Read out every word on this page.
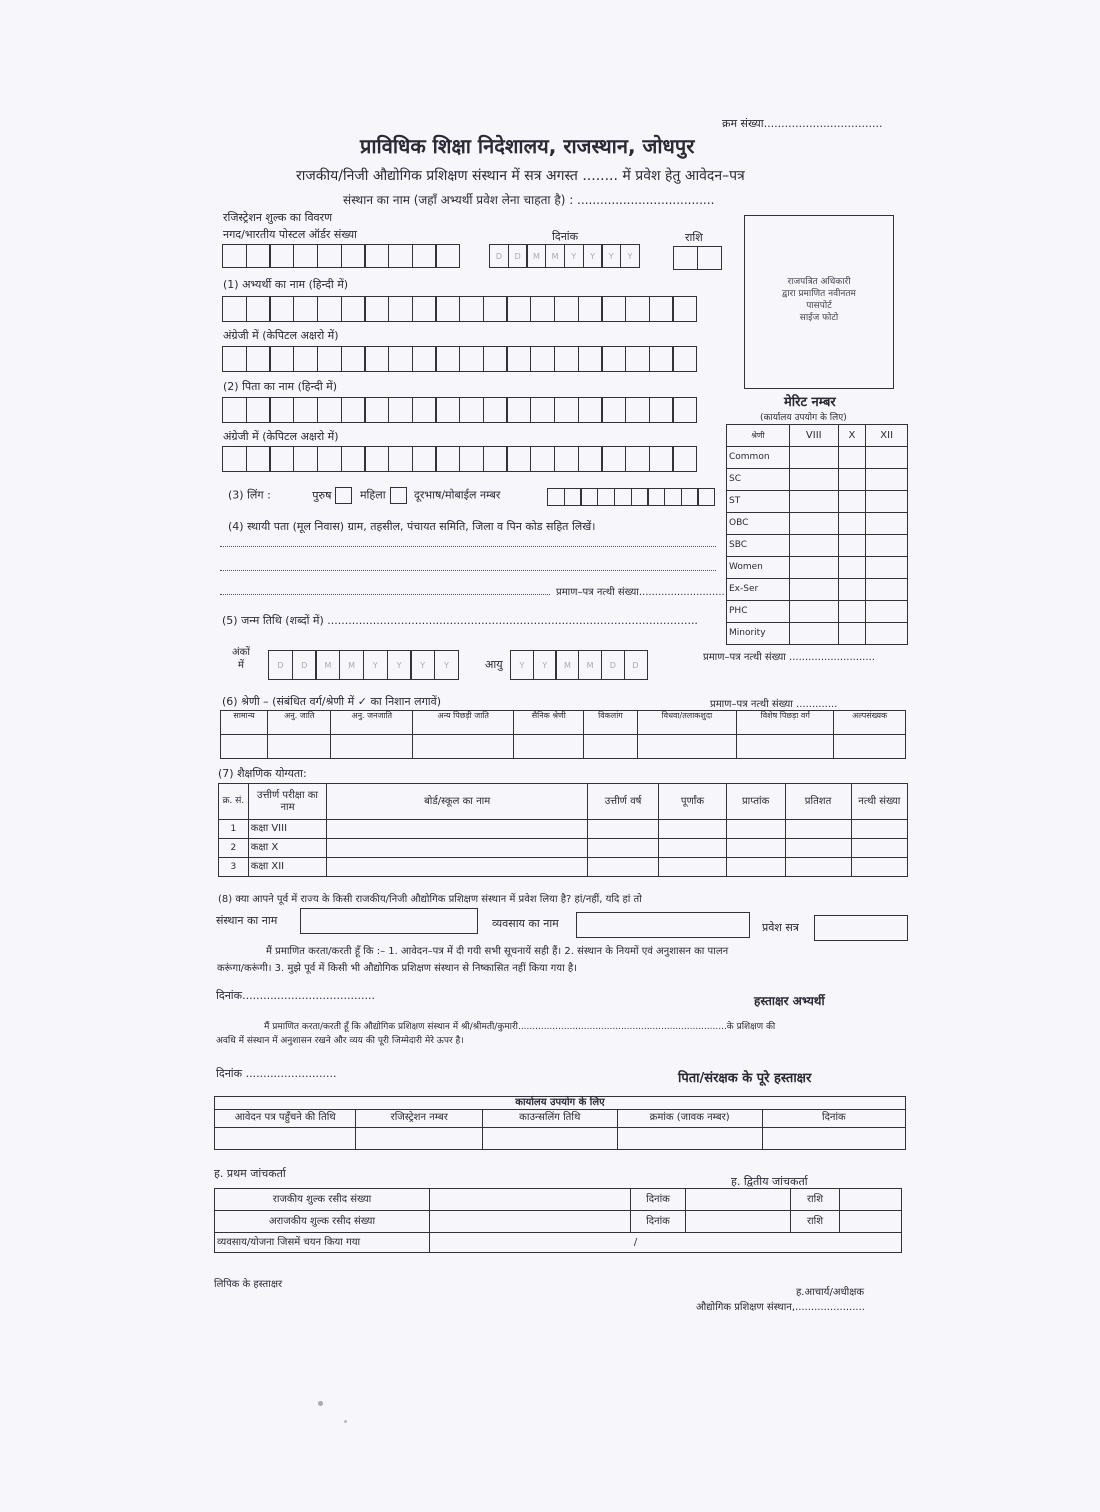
क्रम संख्या..................................
प्राविधिक शिक्षा निदेशालय, राजस्थान, जोधपुर
राजकीय/निजी औद्योगिक प्रशिक्षण संस्थान में सत्र अगस्त ........ में प्रवेश हेतु आवेदन–पत्र
संस्थान का नाम (जहाँ अभ्यर्थी प्रवेश लेना चाहता है) : ....................................
रजिस्ट्रेशन शुल्क का विवरण
नगद/भारतीय पोस्टल ऑर्डर संख्या	दिनांक	राशि
D	D	M	M	Y	Y	Y	Y
राजपत्रित अधिकारी
द्वारा प्रमाणित नवीनतम
पासपोर्ट
साईज फोटो
मेरिट नम्बर
(कार्यालय उपयोग के लिए)
श्रेणी	VIII	X	XII
Common			
SC			
ST			
OBC			
SBC			
Women			
Ex-Ser			
PHC			
Minority			
(1) अभ्यर्थी का नाम (हिन्दी में)
अंग्रेजी में (केपिटल अक्षरो में)
(2) पिता का नाम (हिन्दी में)
अंग्रेजी में (केपिटल अक्षरो में)
(3) लिंग :	पुरुष	महिला	दूरभाष/मोबाईल नम्बर
(4) स्थायी पता (मूल निवास) ग्राम, तहसील, पंचायत समिति, जिला व पिन कोड सहित लिखें।
प्रमाण–पत्र नत्थी संख्या...........................
(5) जन्म तिथि (शब्दों में) ..........................................................................................................
अंकों
में	D	D	M	M	Y	Y	Y	Y	आयु	Y	Y	M	M	D	D
प्रमाण–पत्र नत्थी संख्या ...........................
(6) श्रेणी – (संबंधित वर्ग/श्रेणी में ✓ का निशान लगावें)	प्रमाण–पत्र नत्थी संख्या .............
सामान्य	अनु. जाति	अनु. जनजाति	अन्य पिछड़ी जाति	सैनिक श्रेणी	विकलांग	विधवा/तलाकशुदा	विशेष पिछड़ा वर्ग	अल्पसंख्यक

(7) शैक्षणिक योग्यता:
क्र. सं.	उत्तीर्ण परीक्षा का नाम	बोर्ड/स्कूल का नाम	उत्तीर्ण वर्ष	पूर्णांक	प्राप्तांक	प्रतिशत	नत्थी संख्या
1	कक्षा VIII						
2	कक्षा X						
3	कक्षा XII						
(8) क्या आपने पूर्व में राज्य के किसी राजकीय/निजी औद्योगिक प्रशिक्षण संस्थान में प्रवेश लिया है? हां/नहीं, यदि हां तो
संस्थान का नाम	व्यवसाय का नाम	प्रवेश सत्र
मैं प्रमाणित करता/करती हूँ कि :– 1. आवेदन–पत्र में दी गयी सभी सूचनायें सही हैं। 2. संस्थान के नियमों एवं अनुशासन का पालन
करूंगा/करूंगी। 3. मुझे पूर्व में किसी भी औद्योगिक प्रशिक्षण संस्थान से निष्कासित नहीं किया गया है।
दिनांक......................................	हस्ताक्षर अभ्यर्थी
मैं प्रमाणित करता/करती हूँ कि औद्योगिक प्रशिक्षण संस्थान में श्री/श्रीमती/कुमारी.........................................................................के प्रशिक्षण की
अवधि में संस्थान में अनुशासन रखने और व्यय की पूरी जिम्मेदारी मेरे ऊपर है।
दिनांक ..........................	पिता/संरक्षक के पूरे हस्ताक्षर
कार्यालय उपयोग के लिए				
आवेदन पत्र पहुँचने की तिथि	रजिस्ट्रेशन नम्बर	काउन्सलिंग तिथि	क्रमांक (जावक नम्बर)	दिनांक

ह. प्रथम जांचकर्ता
ह. द्वितीय जांचकर्ता
राजकीय शुल्क रसीद संख्या		दिनांक		राशि	
अराजकीय शुल्क रसीद संख्या		दिनांक		राशि	
व्यवसाय/योजना जिसमें चयन किया गया	/				
लिपिक के हस्ताक्षर
ह.आचार्य/अधीक्षक
औद्योगिक प्रशिक्षण संस्थान,......................
